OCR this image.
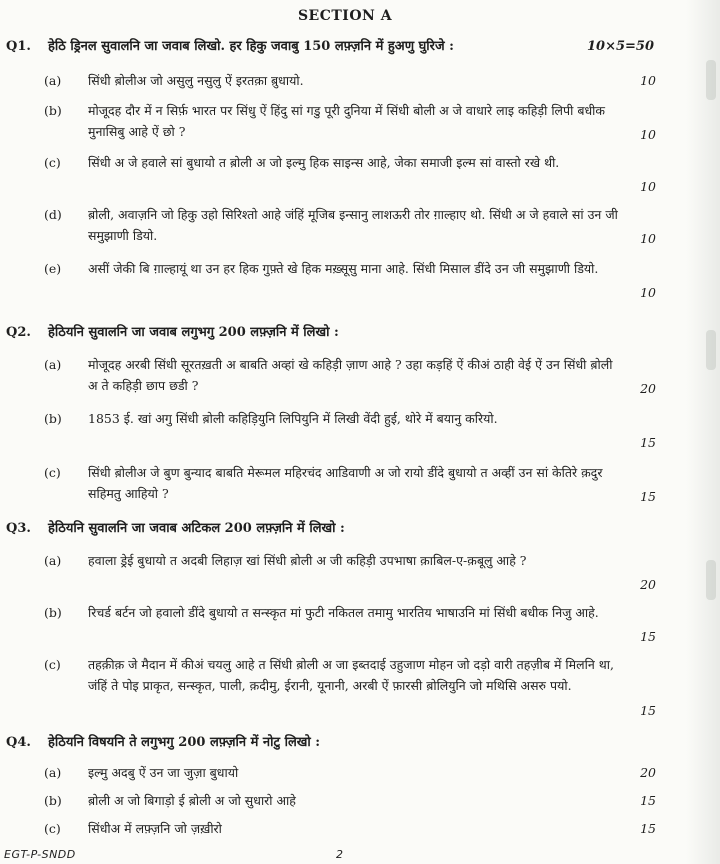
SECTION A
Q1.	हेठि ड्रिनल सुवालनि जा जवाब लिखो. हर हिकु जवाबु 150 लफ़्ज़नि में हुअणु घुरिजे :	10×5=50
(a)	सिंधी ब़ोलीअ जो असुलु नसुलु ऐं इरतक़ा ब़ुधायो.	10
(b)	मोजूदह दौर में न सिर्फ़ भारत पर सिंधु ऐं हिंदु सां गडु पूरी दुनिया में सिंधी बोली अ जे वाधारे लाइ कहिड़ी लिपी बधीक मुनासिबु आहे ऐं छो ?	10
(c)	सिंधी अ जे हवाले सां बुधायो त ब़ोली अ जो इल्मु हिक साइन्स आहे, जेका समाजी इल्म सां वास्तो रखे थी.
10
(d)	ब़ोली, अवाज़नि जो हिकु उहो सिरिश्तो आहे जंहिं मूजिब इन्सानु लाशऊरी तोर ग़ाल्हाए थो. सिंधी अ जे हवाले सां उन जी समुझाणी डियो.	10
(e)	असीं जेकी बि ग़ाल्हायूं था उन हर हिक गुफ़्ते खे हिक मख़्सूसु माना आहे. सिंधी मिसाल डींदे उन जी समुझाणी डियो.
10
Q2.	हेठियनि सुवालनि जा जवाब लगुभगु 200 लफ़्ज़नि में लिखो :
(a)	मोजूदह अरबी सिंधी सूरतख़ती अ बाबति अव्हां खे कहिड़ी ज़ाण आहे ? उहा कड़हिं ऐं कीअं ठाही वेई ऐं उन सिंधी ब़ोली अ ते कहिड़ी छाप छडी ?	20
(b)	1853 ई. खां अगु सिंधी ब़ोली कहिड़ियुनि लिपियुनि में लिखी वेंदी हुई, थोरे में बयानु करियो.
15
(c)	सिंधी ब़ोलीअ जे बुण बुन्याद बाबति मेरूमल महिरचंद आडिवाणी अ जो रायो डींदे बुधायो त अव्हीं उन सां केतिरे क़दुर सहिमतु आहियो ?	15
Q3.	हेठियनि सुवालनि जा जवाब अटिकल 200 लफ़्ज़नि में लिखो :
(a)	हवाला ड्रेई बुधायो त अदबी लिहाज़ खां सिंधी ब़ोली अ जी कहिड़ी उपभाषा क़ाबिल-ए-क़बूलु आहे ?
20
(b)	रिचर्ड बर्टन जो हवालो डींदे बुधायो त सन्स्कृत मां फुटी नकितल तमामु भारतिय भाषाउनि मां सिंधी बधीक निजु आहे.
15
(c)	तहक़ीक़ जे मैदान में कीअं चयलु आहे त सिंधी ब़ोली अ जा इब्तदाई उहुजाण मोहन जो दड़ो वारी तहज़ीब में मिलनि था, जंहिं ते पोइ प्राकृत, सन्स्कृत, पाली, क़दीमु, ईरानी, यूनानी, अरबी ऐं फ़ारसी ब़ोलियुनि जो मथिसि असरु पयो.
15
Q4.	हेठियनि विषयनि ते लगुभगु 200 लफ़्ज़नि में नोटु लिखो :
(a)	इल्मु अदबु ऐं उन जा जुज़ा बुधायो	20
(b)	ब़ोली अ जो बिगाड़ो ई ब़ोली अ जो सुधारो आहे	15
(c)	सिंधीअ में लफ़्ज़नि जो ज़ख़ीरो	15
EGT-P-SNDD	2
